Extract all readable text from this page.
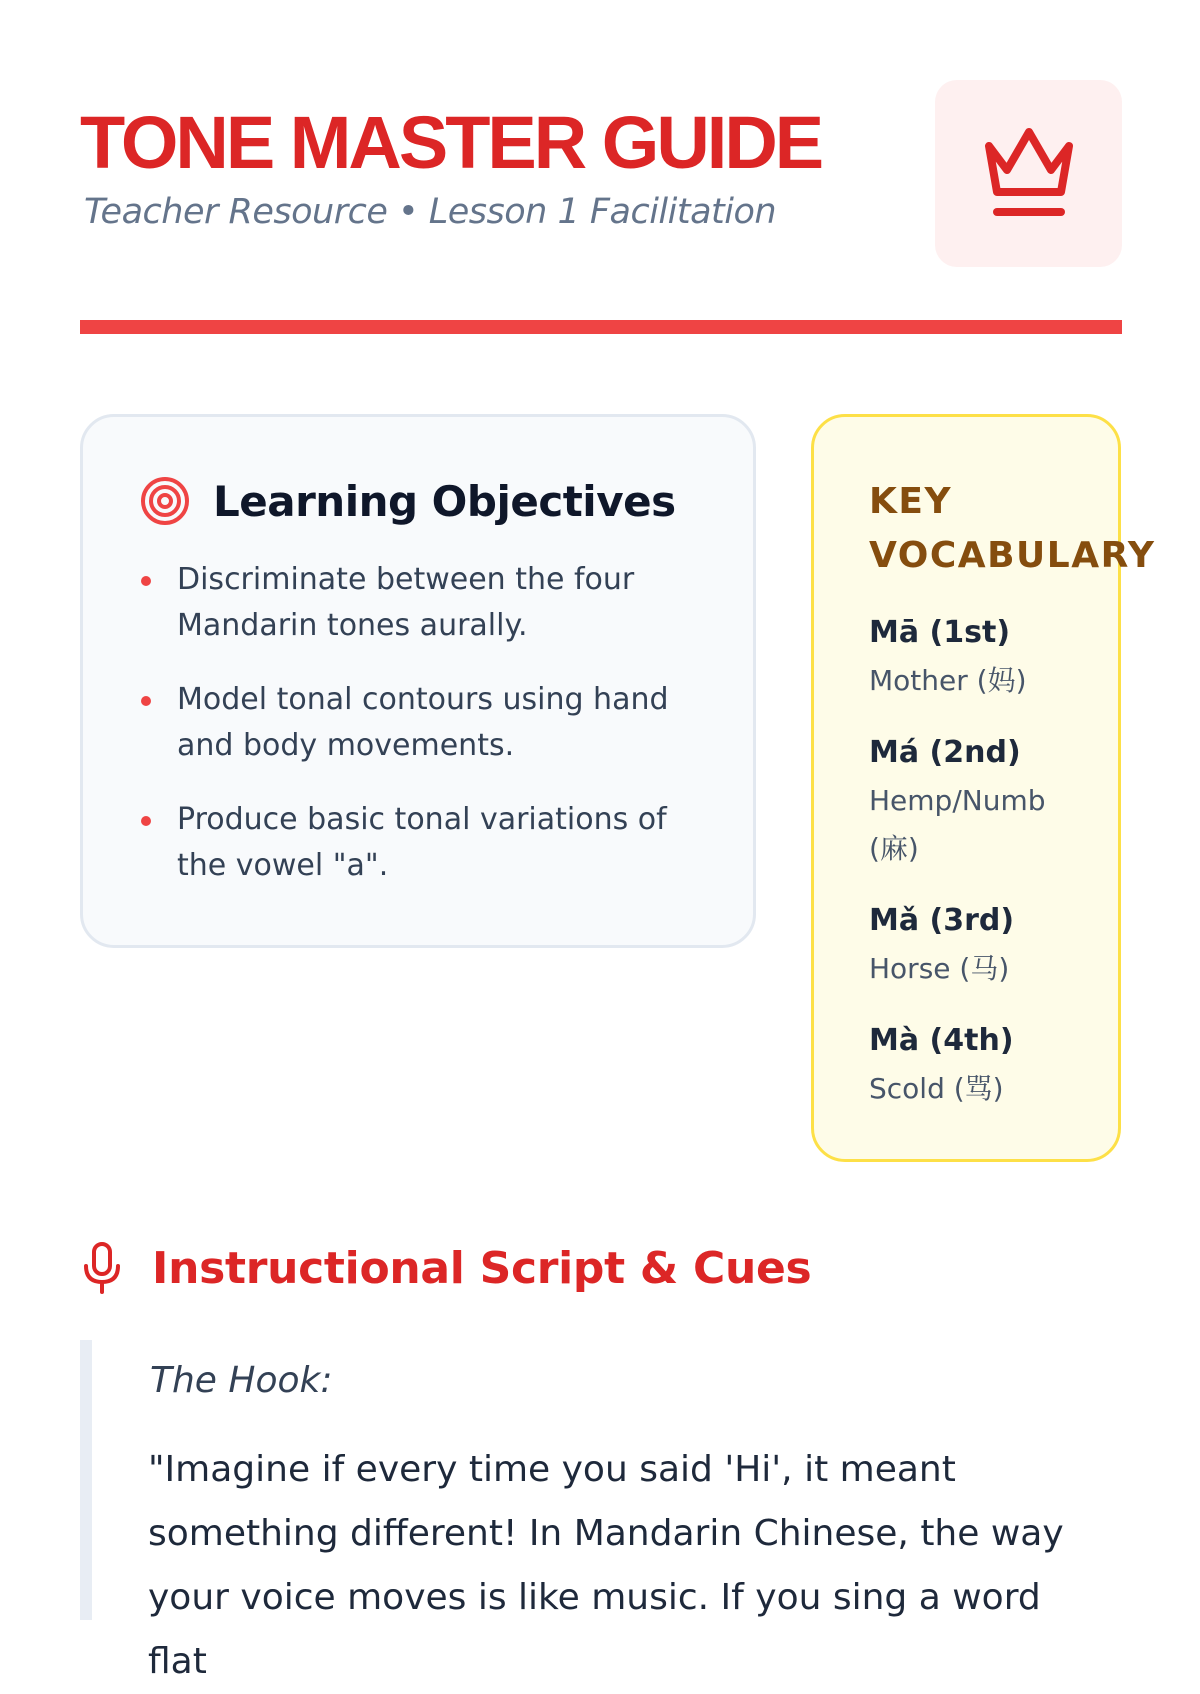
TONE MASTER GUIDE
Teacher Resource • Lesson 1 Facilitation
Learning Objectives
Discriminate between the four Mandarin tones aurally.
Model tonal contours using hand and body movements.
Produce basic tonal variations of the vowel "a".
KEY VOCABULARY
Mā (1st)
Mother (妈)
Má (2nd)
Hemp/Numb (麻)
Mǎ (3rd)
Horse (马)
Mà (4th)
Scold (骂)
Instructional Script & Cues
The Hook:

"Imagine if every time you said 'Hi', it meant something different! In Mandarin Chinese, the way your voice moves is like music. If you sing a word flat
